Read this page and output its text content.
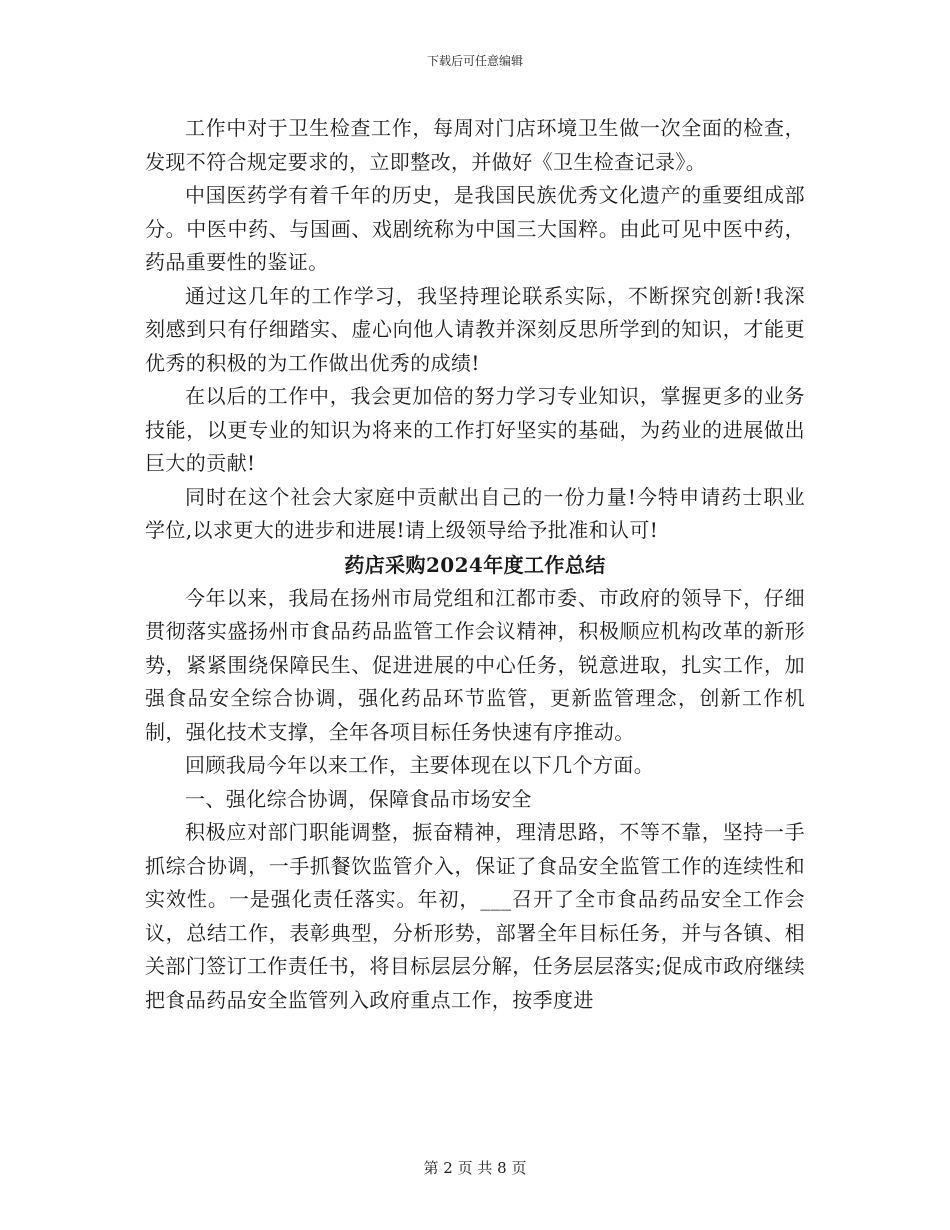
下载后可任意编辑

工作中对于卫生检查工作，每周对门店环境卫生做一次全面的检查，发现不符合规定要求的，立即整改，并做好《卫生检查记录》。

中国医药学有着千年的历史，是我国民族优秀文化遗产的重要组成部分。中医中药、与国画、戏剧统称为中国三大国粹。由此可见中医中药，药品重要性的鉴证。

通过这几年的工作学习，我坚持理论联系实际，不断探究创新!我深刻感到只有仔细踏实、虚心向他人请教并深刻反思所学到的知识，才能更优秀的积极的为工作做出优秀的成绩!

在以后的工作中，我会更加倍的努力学习专业知识，掌握更多的业务技能，以更专业的知识为将来的工作打好坚实的基础，为药业的进展做出巨大的贡献!

同时在这个社会大家庭中贡献出自己的一份力量!今特申请药士职业学位,以求更大的进步和进展!请上级领导给予批准和认可!

药店采购2024年度工作总结

今年以来，我局在扬州市局党组和江都市委、市政府的领导下，仔细贯彻落实盛扬州市食品药品监管工作会议精神，积极顺应机构改革的新形势，紧紧围绕保障民生、促进进展的中心任务，锐意进取，扎实工作，加强食品安全综合协调，强化药品环节监管，更新监管理念，创新工作机制，强化技术支撑，全年各项目标任务快速有序推动。

回顾我局今年以来工作，主要体现在以下几个方面。

一、强化综合协调，保障食品市场安全

积极应对部门职能调整，振奋精神，理清思路，不等不靠，坚持一手抓综合协调，一手抓餐饮监管介入，保证了食品安全监管工作的连续性和实效性。一是强化责任落实。年初，___召开了全市食品药品安全工作会议，总结工作，表彰典型，分析形势，部署全年目标任务，并与各镇、相关部门签订工作责任书，将目标层层分解，任务层层落实;促成市政府继续把食品药品安全监管列入政府重点工作，按季度进

第 2 页 共 8 页
